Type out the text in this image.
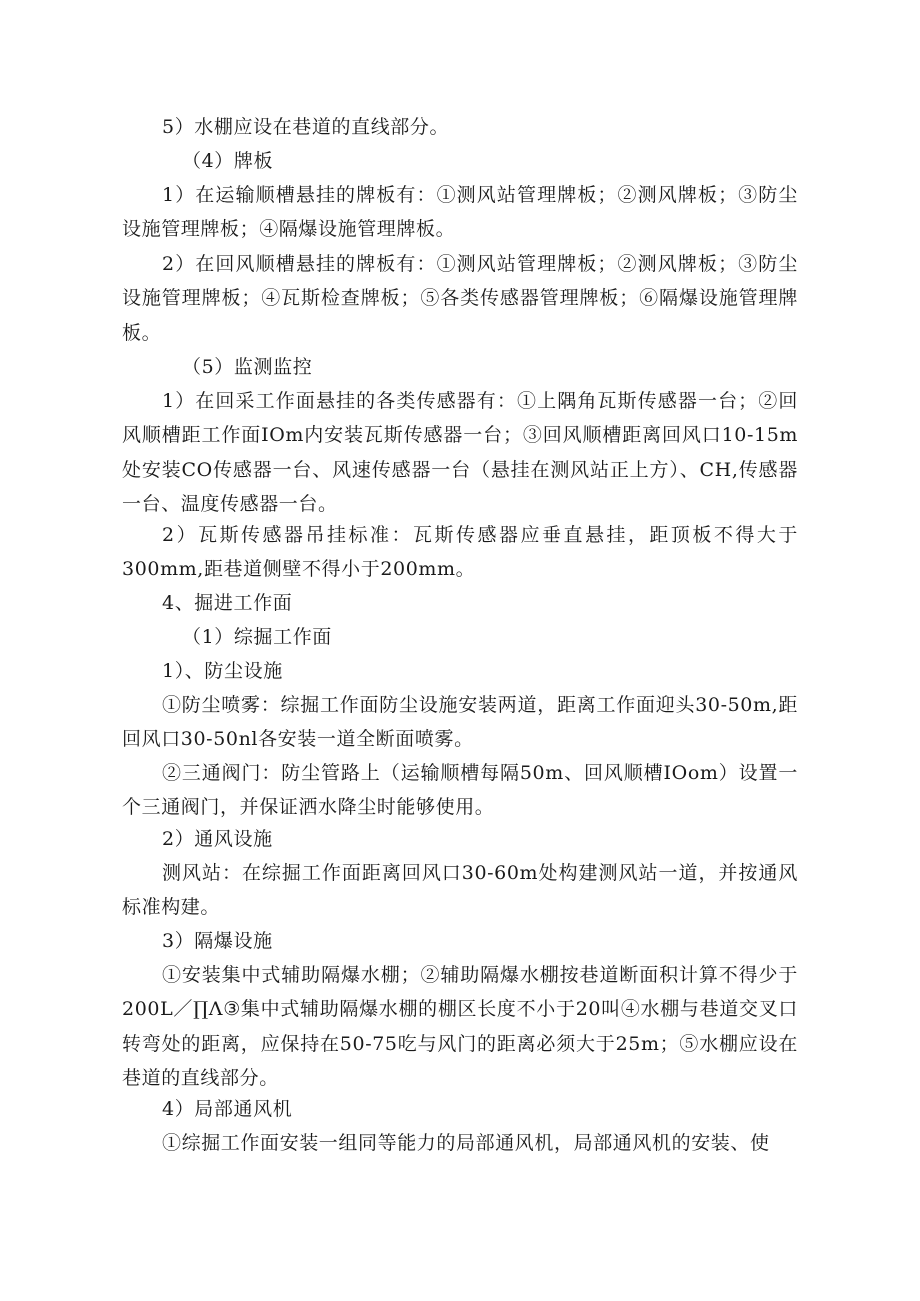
5）水棚应设在巷道的直线部分。

（4）牌板

1）在运输顺槽悬挂的牌板有：①测风站管理牌板；②测风牌板；③防尘设施管理牌板；④隔爆设施管理牌板。

2）在回风顺槽悬挂的牌板有：①测风站管理牌板；②测风牌板；③防尘设施管理牌板；④瓦斯检查牌板；⑤各类传感器管理牌板；⑥隔爆设施管理牌板。

（5）监测监控

1）在回采工作面悬挂的各类传感器有：①上隅角瓦斯传感器一台；②回风顺槽距工作面IOm内安装瓦斯传感器一台；③回风顺槽距离回风口10-15m处安装CO传感器一台、风速传感器一台（悬挂在测风站正上方）、CH,传感器一台、温度传感器一台。

2）瓦斯传感器吊挂标准：瓦斯传感器应垂直悬挂，距顶板不得大于300mm,距巷道侧壁不得小于200mm。

4、掘进工作面

（1）综掘工作面

1）、防尘设施

①防尘喷雾：综掘工作面防尘设施安装两道，距离工作面迎头30-50m,距回风口30-50nl各安装一道全断面喷雾。

②三通阀门：防尘管路上（运输顺槽每隔50m、回风顺槽IOom）设置一个三通阀门，并保证洒水降尘时能够使用。

2）通风设施

测风站：在综掘工作面距离回风口30-60m处构建测风站一道，并按通风标准构建。

3）隔爆设施

①安装集中式辅助隔爆水棚；②辅助隔爆水棚按巷道断面积计算不得少于200L／∏Λ③集中式辅助隔爆水棚的棚区长度不小于20叫④水棚与巷道交叉口转弯处的距离，应保持在50-75吃与风门的距离必须大于25m；⑤水棚应设在巷道的直线部分。

4）局部通风机

①综掘工作面安装一组同等能力的局部通风机，局部通风机的安装、使
